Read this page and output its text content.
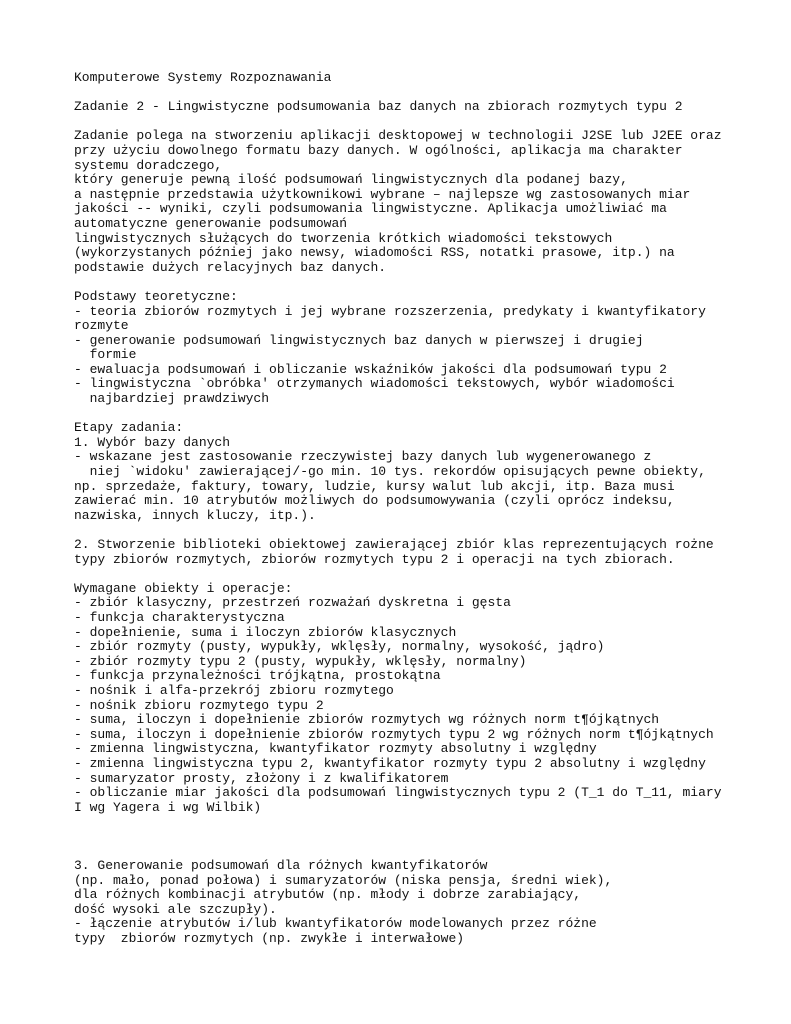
Komputerowe Systemy Rozpoznawania
Zadanie 2 - Lingwistyczne podsumowania baz danych na zbiorach rozmytych typu 2
Zadanie polega na stworzeniu aplikacji desktopowej w technologii J2SE lub J2EE oraz
przy użyciu dowolnego formatu bazy danych. W ogólności, aplikacja ma charakter
systemu doradczego,
który generuje pewną ilość podsumowań lingwistycznych dla podanej bazy,
a następnie przedstawia użytkownikowi wybrane – najlepsze wg zastosowanych miar
jakości -- wyniki, czyli podsumowania lingwistyczne. Aplikacja umożliwiać ma
automatyczne generowanie podsumowań
lingwistycznych służących do tworzenia krótkich wiadomości tekstowych
(wykorzystanych później jako newsy, wiadomości RSS, notatki prasowe, itp.) na
podstawie dużych relacyjnych baz danych.
Podstawy teoretyczne:
- teoria zbiorów rozmytych i jej wybrane rozszerzenia, predykaty i kwantyfikatory
rozmyte
- generowanie podsumowań lingwistycznych baz danych w pierwszej i drugiej
formie
- ewaluacja podsumowań i obliczanie wskaźników jakości dla podsumowań typu 2
- lingwistyczna `obróbka' otrzymanych wiadomości tekstowych, wybór wiadomości
najbardziej prawdziwych
Etapy zadania:
1. Wybór bazy danych
- wskazane jest zastosowanie rzeczywistej bazy danych lub wygenerowanego z
niej `widoku' zawierającej/-go min. 10 tys. rekordów opisujących pewne obiekty,
np. sprzedaże, faktury, towary, ludzie, kursy walut lub akcji, itp. Baza musi
zawierać min. 10 atrybutów możliwych do podsumowywania (czyli oprócz indeksu,
nazwiska, innych kluczy, itp.).
2. Stworzenie biblioteki obiektowej zawierającej zbiór klas reprezentujących rożne
typy zbiorów rozmytych, zbiorów rozmytych typu 2 i operacji na tych zbiorach.
Wymagane obiekty i operacje:
- zbiór klasyczny, przestrzeń rozważań dyskretna i gęsta
- funkcja charakterystyczna
- dopełnienie, suma i iloczyn zbiorów klasycznych
- zbiór rozmyty (pusty, wypukły, wklęsły, normalny, wysokość, jądro)
- zbiór rozmyty typu 2 (pusty, wypukły, wklęsły, normalny)
- funkcja przynależności trójkątna, prostokątna
- nośnik i alfa-przekrój zbioru rozmytego
- nośnik zbioru rozmytego typu 2
- suma, iloczyn i dopełnienie zbiorów rozmytych wg różnych norm t¶ójkątnych
- suma, iloczyn i dopełnienie zbiorów rozmytych typu 2 wg różnych norm t¶ójkątnych
- zmienna lingwistyczna, kwantyfikator rozmyty absolutny i względny
- zmienna lingwistyczna typu 2, kwantyfikator rozmyty typu 2 absolutny i względny
- sumaryzator prosty, złożony i z kwalifikatorem
- obliczanie miar jakości dla podsumowań lingwistycznych typu 2 (T_1 do T_11, miary
I wg Yagera i wg Wilbik)
3. Generowanie podsumowań dla różnych kwantyfikatorów
(np. mało, ponad połowa) i sumaryzatorów (niska pensja, średni wiek),
dla różnych kombinacji atrybutów (np. młody i dobrze zarabiający,
dość wysoki ale szczupły).
- łączenie atrybutów i/lub kwantyfikatorów modelowanych przez różne
typy  zbiorów rozmytych (np. zwykłe i interwałowe)
